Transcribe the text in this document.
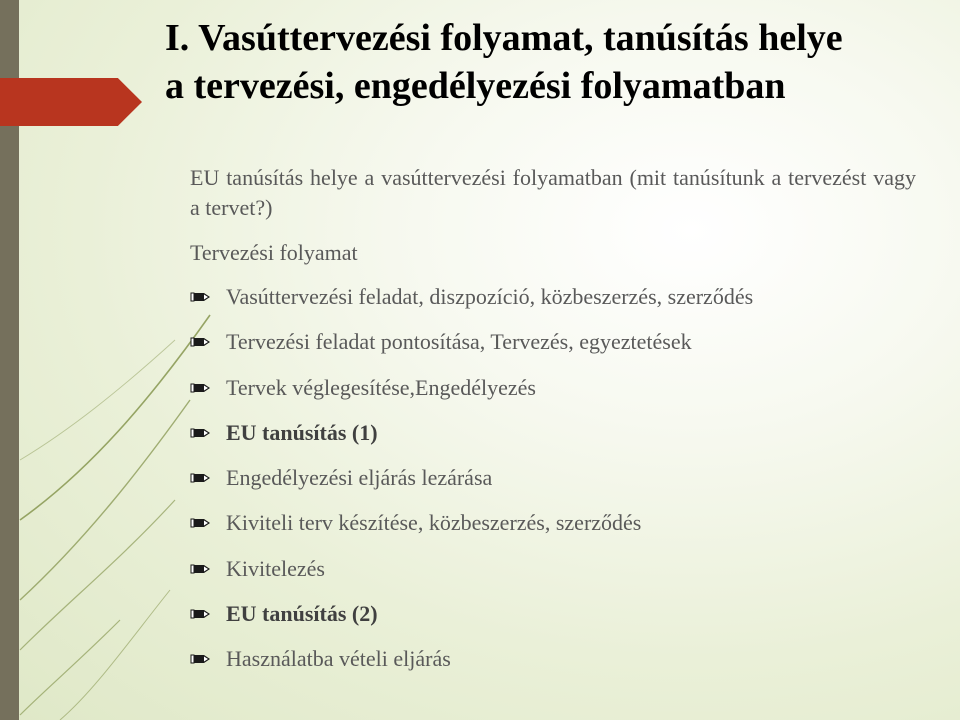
I. Vasúttervezési folyamat, tanúsítás helye
a tervezési, engedélyezési folyamatban

EU tanúsítás helye a vasúttervezési folyamatban (mit tanúsítunk a tervezést vagy a tervet?)

Tervezési folyamat

Vasúttervezési feladat, diszpozíció, közbeszerzés, szerződés
Tervezési feladat pontosítása, Tervezés, egyeztetések
Tervek véglegesítése,Engedélyezés
EU tanúsítás (1)
Engedélyezési eljárás lezárása
Kiviteli terv készítése, közbeszerzés, szerződés
Kivitelezés
EU tanúsítás (2)
Használatba vételi eljárás
